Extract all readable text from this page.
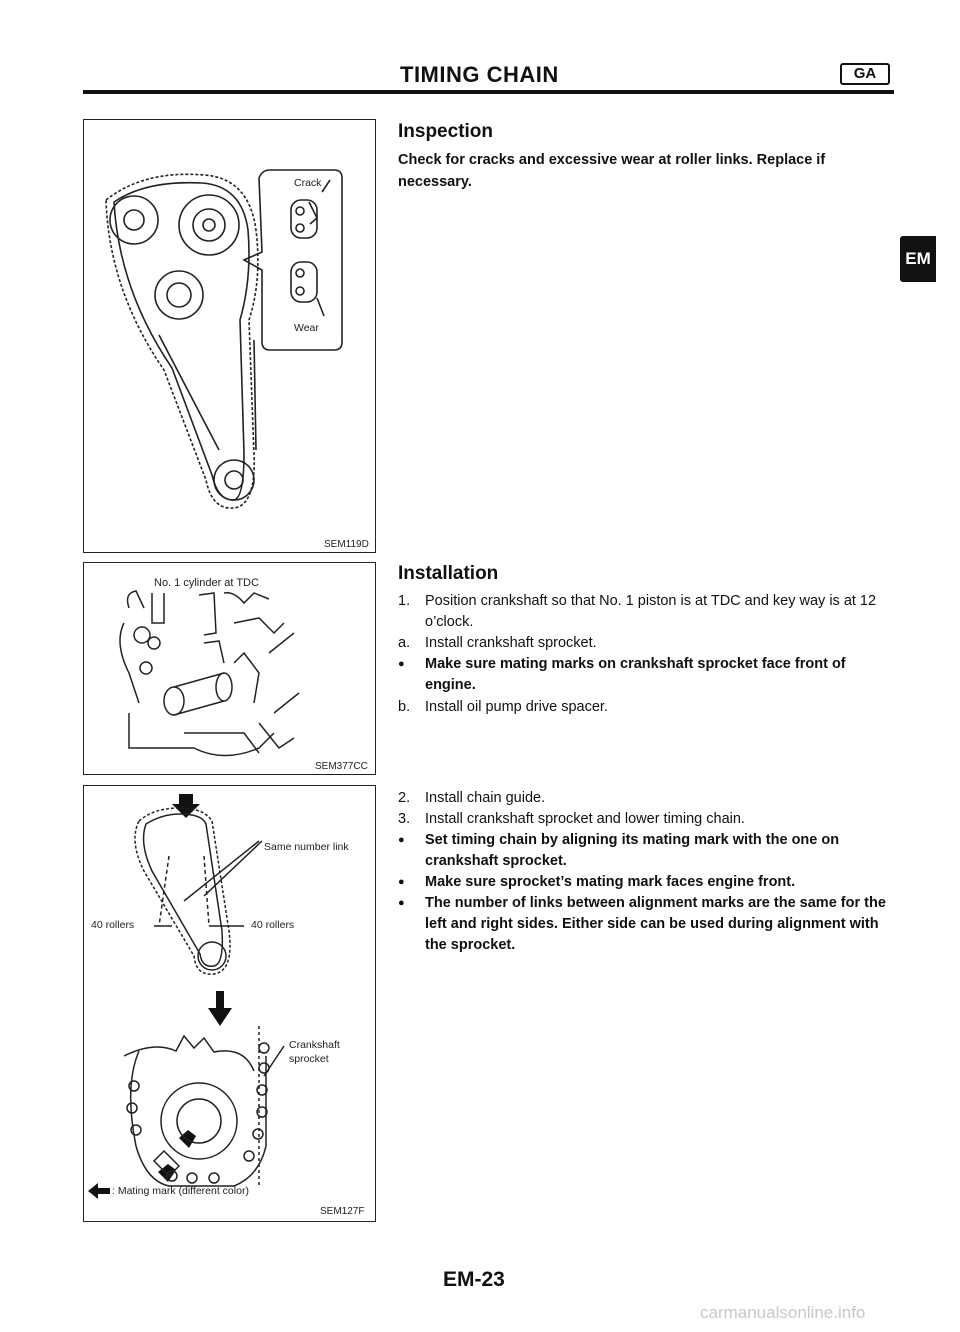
TIMING CHAIN	GA
EM
Crack
Wear
SEM119D
No. 1 cylinder at TDC
SEM377CC
Same number link
40 rollers	40 rollers
Crankshaft
sprocket
: Mating mark (different color)
SEM127F
Inspection
Check for cracks and excessive wear at roller links. Replace if necessary.
Installation
1. Position crankshaft so that No. 1 piston is at TDC and key way is at 12 o’clock.
a. Install crankshaft sprocket.
● Make sure mating marks on crankshaft sprocket face front of engine.
b. Install oil pump drive spacer.
2. Install chain guide.
3. Install crankshaft sprocket and lower timing chain.
● Set timing chain by aligning its mating mark with the one on crankshaft sprocket.
● Make sure sprocket’s mating mark faces engine front.
● The number of links between alignment marks are the same for the left and right sides. Either side can be used during alignment with the sprocket.
EM-23
carmanualsonline.info
